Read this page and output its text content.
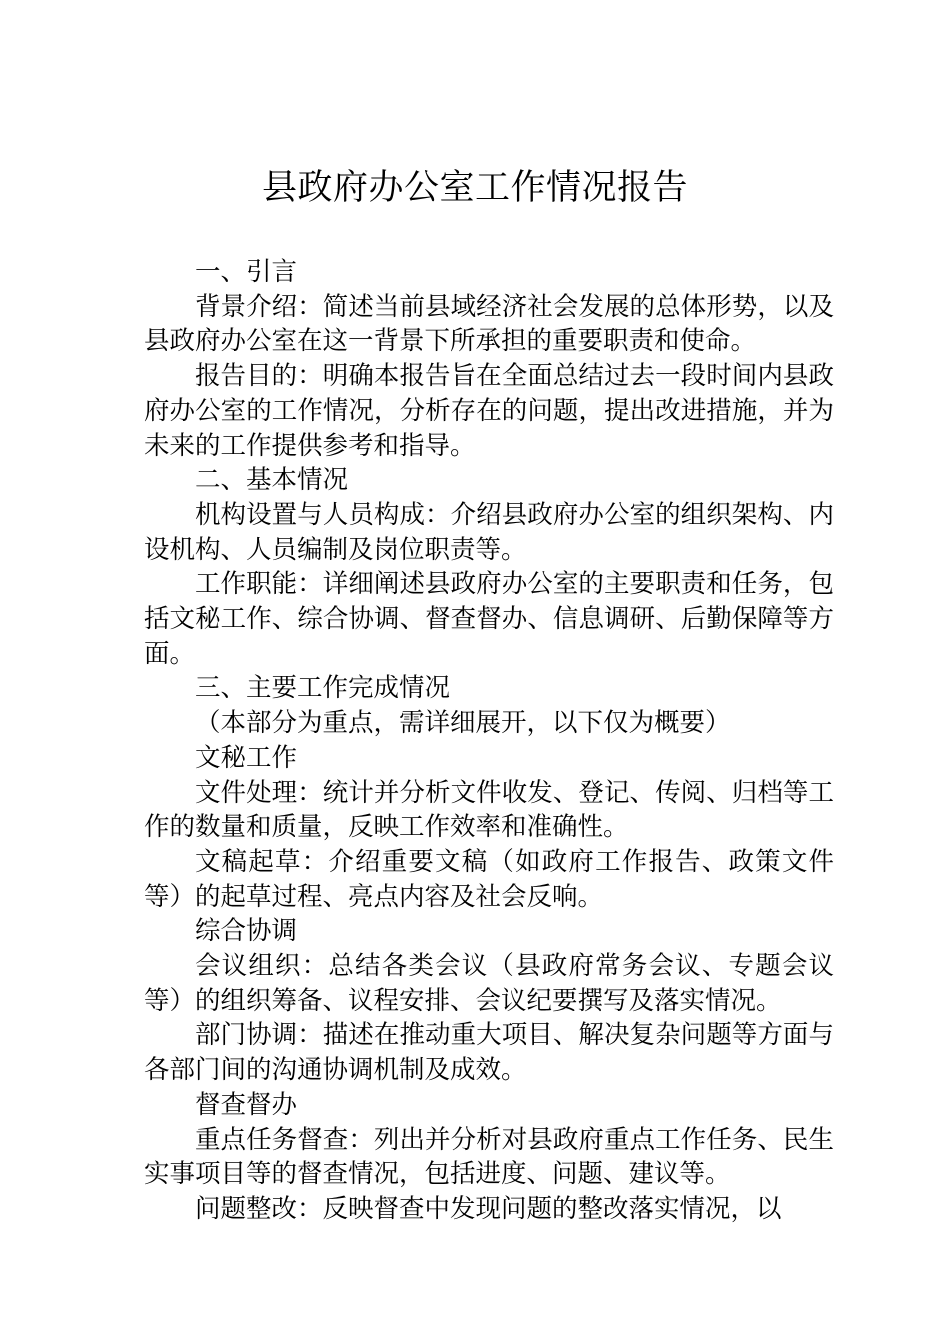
县政府办公室工作情况报告

一、引言

背景介绍：简述当前县域经济社会发展的总体形势，以及县政府办公室在这一背景下所承担的重要职责和使命。

报告目的：明确本报告旨在全面总结过去一段时间内县政府办公室的工作情况，分析存在的问题，提出改进措施，并为未来的工作提供参考和指导。

二、基本情况

机构设置与人员构成：介绍县政府办公室的组织架构、内设机构、人员编制及岗位职责等。

工作职能：详细阐述县政府办公室的主要职责和任务，包括文秘工作、综合协调、督查督办、信息调研、后勤保障等方面。

三、主要工作完成情况

（本部分为重点，需详细展开，以下仅为概要）

文秘工作

文件处理：统计并分析文件收发、登记、传阅、归档等工作的数量和质量，反映工作效率和准确性。

文稿起草：介绍重要文稿（如政府工作报告、政策文件等）的起草过程、亮点内容及社会反响。

综合协调

会议组织：总结各类会议（县政府常务会议、专题会议等）的组织筹备、议程安排、会议纪要撰写及落实情况。

部门协调：描述在推动重大项目、解决复杂问题等方面与各部门间的沟通协调机制及成效。

督查督办

重点任务督查：列出并分析对县政府重点工作任务、民生实事项目等的督查情况，包括进度、问题、建议等。

问题整改：反映督查中发现问题的整改落实情况，以
